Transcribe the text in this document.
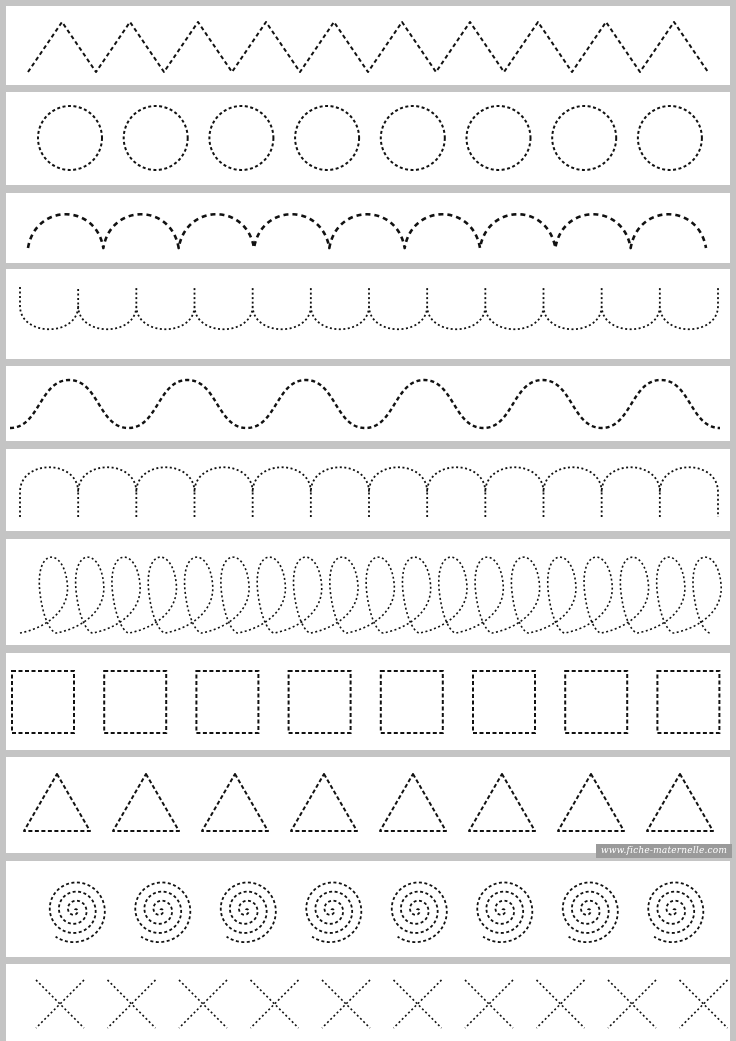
www.fiche-maternelle.com
